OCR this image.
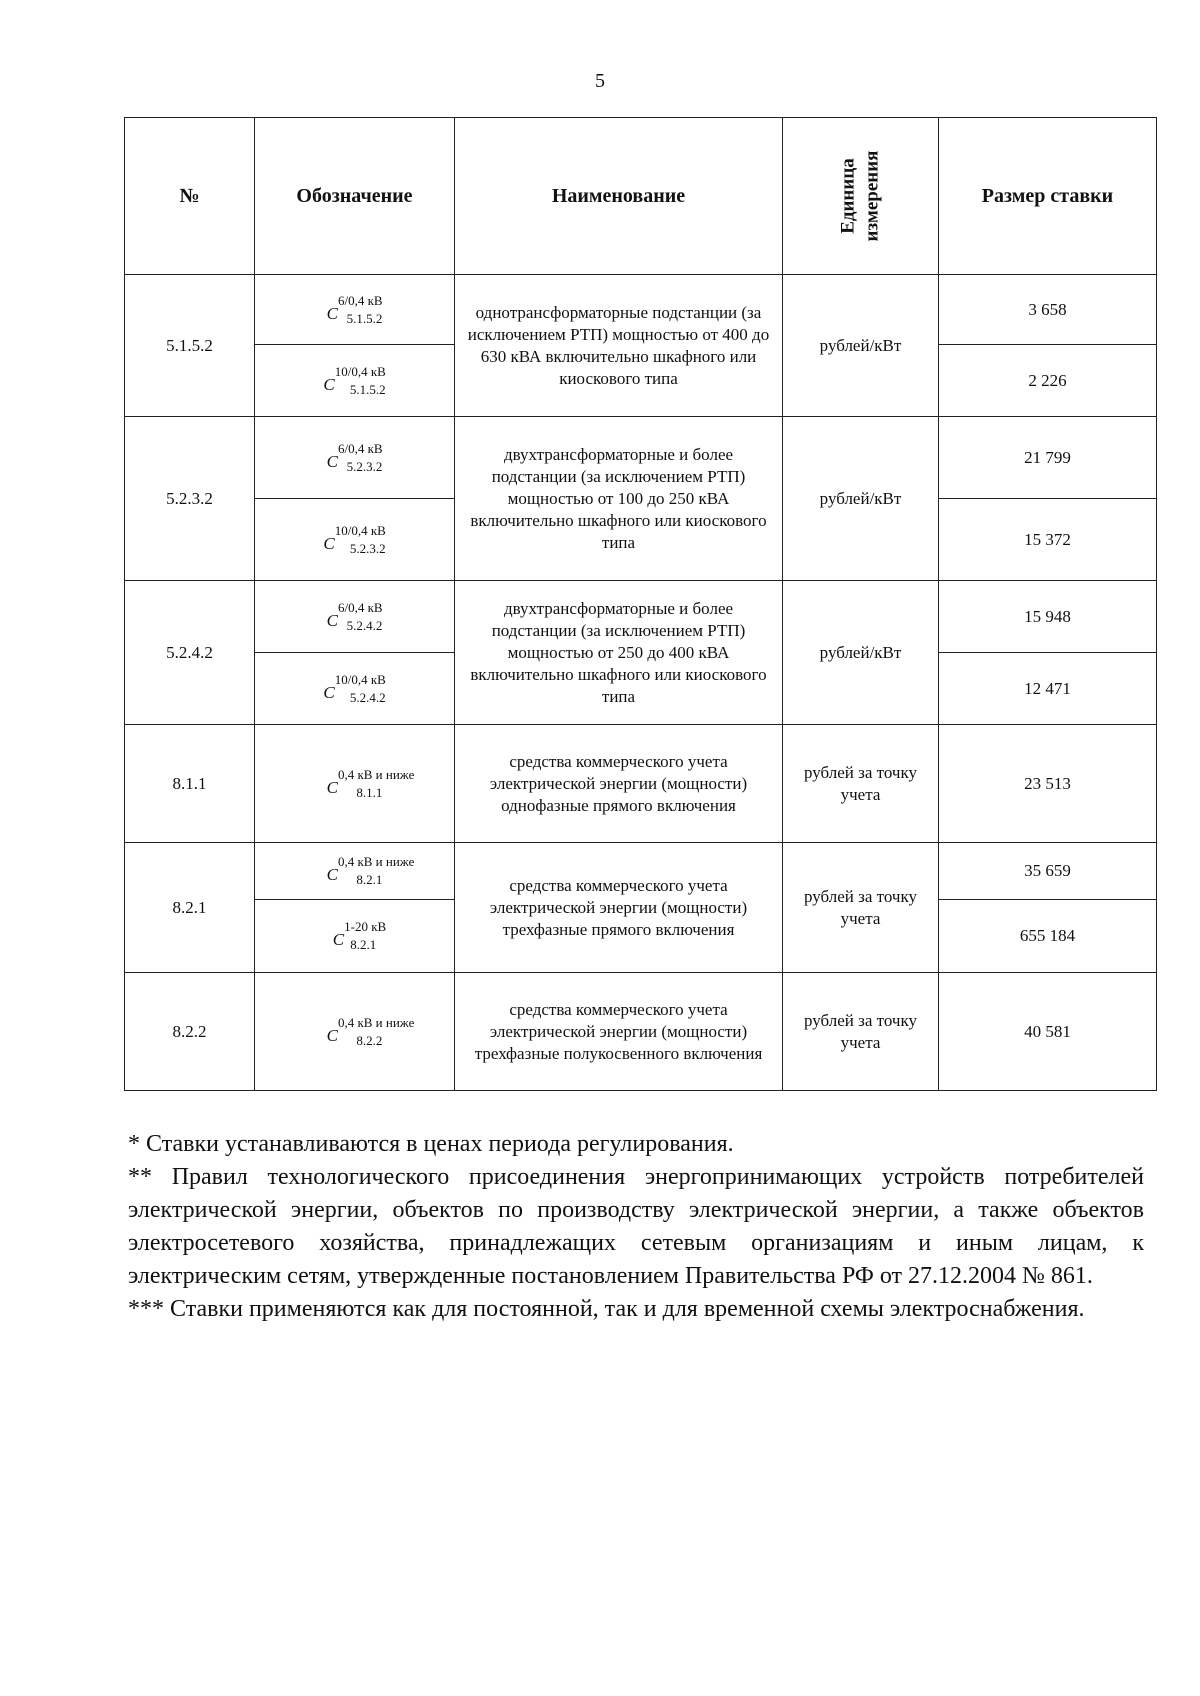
5
№	Обозначение	Наименование	Единица измерения	Размер ставки
5.1.5.2	$C^{6/0,4 кВ}_{5.1.5.2}$	однотрансформаторные подстанции (за исключением РТП) мощностью от 400 до 630 кВА включительно шкафного или киоскового типа	рублей/кВт	3 658
	$C^{10/0,4 кВ}_{5.1.5.2}$			2 226
5.2.3.2	$C^{6/0,4 кВ}_{5.2.3.2}$	двухтрансформаторные и более подстанции (за исключением РТП) мощностью от 100 до 250 кВА включительно шкафного или киоскового типа	рублей/кВт	21 799
	$C^{10/0,4 кВ}_{5.2.3.2}$			15 372
5.2.4.2	$C^{6/0,4 кВ}_{5.2.4.2}$	двухтрансформаторные и более подстанции (за исключением РТП) мощностью от 250 до 400 кВА включительно шкафного или киоскового типа	рублей/кВт	15 948
	$C^{10/0,4 кВ}_{5.2.4.2}$			12 471
8.1.1	$C^{0,4 кВ и ниже}_{8.1.1}$	средства коммерческого учета электрической энергии (мощности) однофазные прямого включения	рублей за точку учета	23 513
8.2.1	$C^{0,4 кВ и ниже}_{8.2.1}$	средства коммерческого учета электрической энергии (мощности) трехфазные прямого включения	рублей за точку учета	35 659
	$C^{1-20 кВ}_{8.2.1}$			655 184
8.2.2	$C^{0,4 кВ и ниже}_{8.2.2}$	средства коммерческого учета электрической энергии (мощности) трехфазные полукосвенного включения	рублей за точку учета	40 581

* Ставки устанавливаются в ценах периода регулирования.

** Правил технологического присоединения энергопринимающих устройств потребителей электрической энергии, объектов по производству электрической энергии, а также объектов электросетевого хозяйства, принадлежащих сетевым организациям и иным лицам, к электрическим сетям, утвержденные постановлением Правительства РФ от 27.12.2004 № 861.

*** Ставки применяются как для постоянной, так и для временной схемы электроснабжения.
